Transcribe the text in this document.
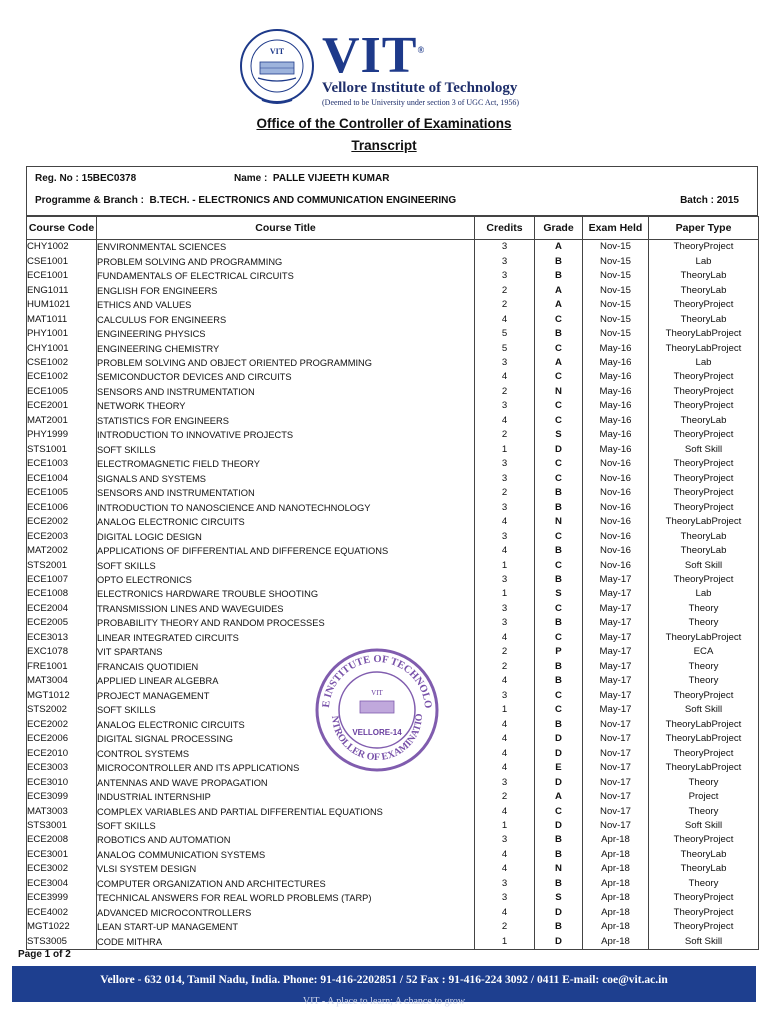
VIT VIT®
Vellore Institute of Technology
(Deemed to be University under section 3 of UGC Act, 1956)
Office of the Controller of Examinations
Transcript
Reg. No : 15BEC0378	Name : PALLE VIJEETH KUMAR
Programme & Branch : B.TECH. - ELECTRONICS AND COMMUNICATION ENGINEERING	Batch : 2015
Course Code	Course Title	Credits	Grade	Exam Held	Paper Type
CHY1002	ENVIRONMENTAL SCIENCES	3	A	Nov-15	TheoryProject
CSE1001	PROBLEM SOLVING AND PROGRAMMING	3	B	Nov-15	Lab
ECE1001	FUNDAMENTALS OF ELECTRICAL CIRCUITS	3	B	Nov-15	TheoryLab
ENG1011	ENGLISH FOR ENGINEERS	2	A	Nov-15	TheoryLab
HUM1021	ETHICS AND VALUES	2	A	Nov-15	TheoryProject
MAT1011	CALCULUS FOR ENGINEERS	4	C	Nov-15	TheoryLab
PHY1001	ENGINEERING PHYSICS	5	B	Nov-15	TheoryLabProject
CHY1001	ENGINEERING CHEMISTRY	5	C	May-16	TheoryLabProject
CSE1002	PROBLEM SOLVING AND OBJECT ORIENTED PROGRAMMING	3	A	May-16	Lab
ECE1002	SEMICONDUCTOR DEVICES AND CIRCUITS	4	C	May-16	TheoryProject
ECE1005	SENSORS AND INSTRUMENTATION	2	N	May-16	TheoryProject
ECE2001	NETWORK THEORY	3	C	May-16	TheoryProject
MAT2001	STATISTICS FOR ENGINEERS	4	C	May-16	TheoryLab
PHY1999	INTRODUCTION TO INNOVATIVE PROJECTS	2	S	May-16	TheoryProject
STS1001	SOFT SKILLS	1	D	May-16	Soft Skill
ECE1003	ELECTROMAGNETIC FIELD THEORY	3	C	Nov-16	TheoryProject
ECE1004	SIGNALS AND SYSTEMS	3	C	Nov-16	TheoryProject
ECE1005	SENSORS AND INSTRUMENTATION	2	B	Nov-16	TheoryProject
ECE1006	INTRODUCTION TO NANOSCIENCE AND NANOTECHNOLOGY	3	B	Nov-16	TheoryProject
ECE2002	ANALOG ELECTRONIC CIRCUITS	4	N	Nov-16	TheoryLabProject
ECE2003	DIGITAL LOGIC DESIGN	3	C	Nov-16	TheoryLab
MAT2002	APPLICATIONS OF DIFFERENTIAL AND DIFFERENCE EQUATIONS	4	B	Nov-16	TheoryLab
STS2001	SOFT SKILLS	1	C	Nov-16	Soft Skill
ECE1007	OPTO ELECTRONICS	3	B	May-17	TheoryProject
ECE1008	ELECTRONICS HARDWARE TROUBLE SHOOTING	1	S	May-17	Lab
ECE2004	TRANSMISSION LINES AND WAVEGUIDES	3	C	May-17	Theory
ECE2005	PROBABILITY THEORY AND RANDOM PROCESSES	3	B	May-17	Theory
ECE3013	LINEAR INTEGRATED CIRCUITS	4	C	May-17	TheoryLabProject
EXC1078	VIT SPARTANS	2	P	May-17	ECA
FRE1001	FRANCAIS QUOTIDIEN	2	B	May-17	Theory
MAT3004	APPLIED LINEAR ALGEBRA	4	B	May-17	Theory
MGT1012	PROJECT MANAGEMENT	3	C	May-17	TheoryProject
STS2002	SOFT SKILLS	1	C	May-17	Soft Skill
ECE2002	ANALOG ELECTRONIC CIRCUITS	4	B	Nov-17	TheoryLabProject
ECE2006	DIGITAL SIGNAL PROCESSING	4	D	Nov-17	TheoryLabProject
ECE2010	CONTROL SYSTEMS	4	D	Nov-17	TheoryProject
ECE3003	MICROCONTROLLER AND ITS APPLICATIONS	4	E	Nov-17	TheoryLabProject
ECE3010	ANTENNAS AND WAVE PROPAGATION	3	D	Nov-17	Theory
ECE3099	INDUSTRIAL INTERNSHIP	2	A	Nov-17	Project
MAT3003	COMPLEX VARIABLES AND PARTIAL DIFFERENTIAL EQUATIONS	4	C	Nov-17	Theory
STS3001	SOFT SKILLS	1	D	Nov-17	Soft Skill
ECE2008	ROBOTICS AND AUTOMATION	3	B	Apr-18	TheoryProject
ECE3001	ANALOG COMMUNICATION SYSTEMS	4	B	Apr-18	TheoryLab
ECE3002	VLSI SYSTEM DESIGN	4	N	Apr-18	TheoryLab
ECE3004	COMPUTER ORGANIZATION AND ARCHITECTURES	3	B	Apr-18	Theory
ECE3999	TECHNICAL ANSWERS FOR REAL WORLD PROBLEMS (TARP)	3	S	Apr-18	TheoryProject
ECE4002	ADVANCED MICROCONTROLLERS	4	D	Apr-18	TheoryProject
MGT1022	LEAN START-UP MANAGEMENT	2	B	Apr-18	TheoryProject
STS3005	CODE MITHRA	1	D	Apr-18	Soft Skill
E INSTITUTE OF TECHNOLO
NTROLLER OF EXAMINATIO
VIT
VELLORE-14
Page 1 of 2
Vellore - 632 014, Tamil Nadu, India. Phone: 91-416-2202851 / 52 Fax : 91-416-224 3092 / 0411 E-mail: coe@vit.ac.in
VIT - A place to learn; A chance to grow
